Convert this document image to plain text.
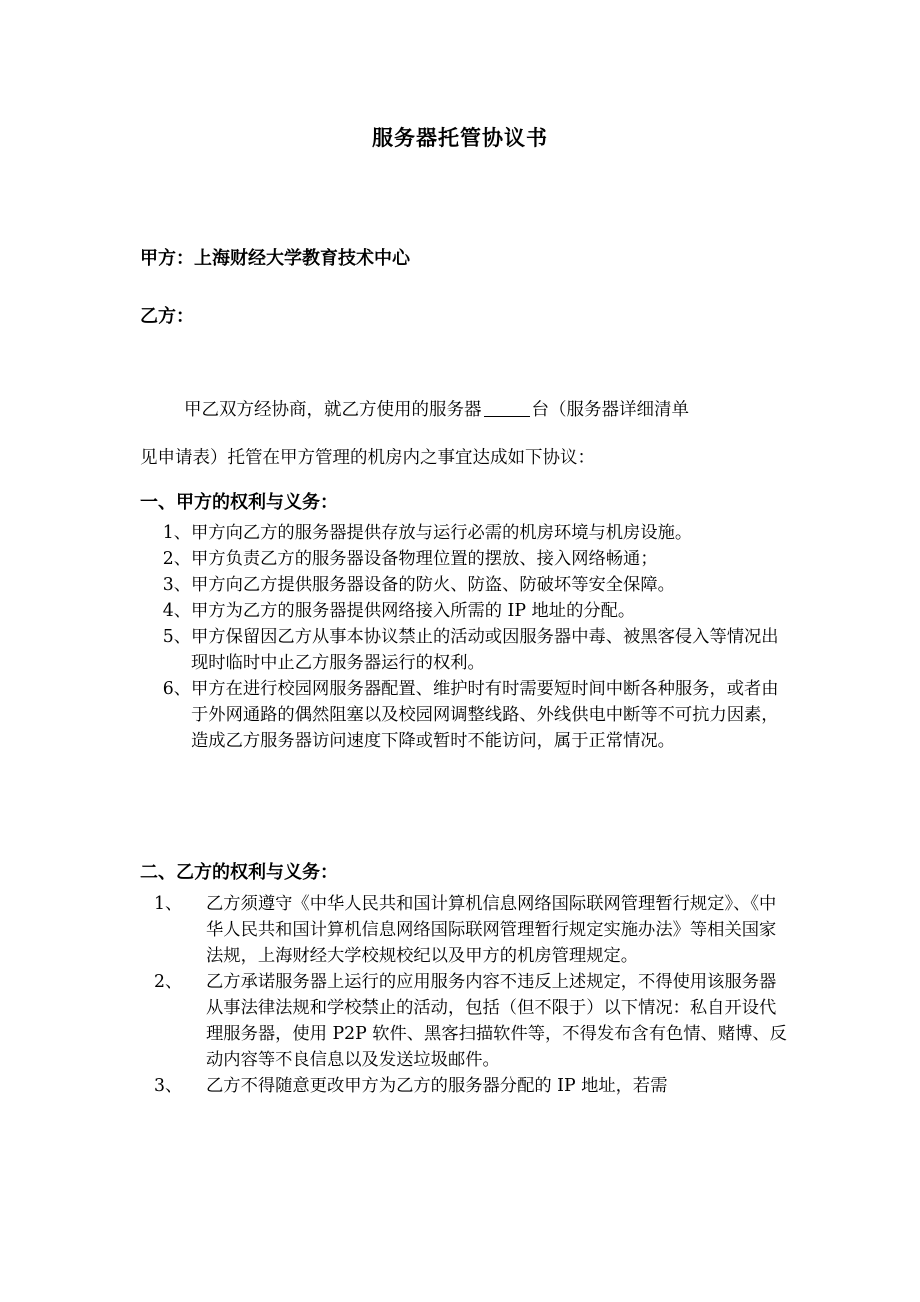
服务器托管协议书
甲方：上海财经大学教育技术中心
乙方：
甲乙双方经协商，就乙方使用的服务器	台（服务器详细清单
见申请表）托管在甲方管理的机房内之事宜达成如下协议：
一、甲方的权利与义务：
1、 甲方向乙方的服务器提供存放与运行必需的机房环境与机房设施。
2、 甲方负责乙方的服务器设备物理位置的摆放、接入网络畅通；
3、 甲方向乙方提供服务器设备的防火、防盗、防破坏等安全保障。
4、 甲方为乙方的服务器提供网络接入所需的 IP 地址的分配。
5、 甲方保留因乙方从事本协议禁止的活动或因服务器中毒、被黑客侵入等情况出现时临时中止乙方服务器运行的权利。
6、 甲方在进行校园网服务器配置、维护时有时需要短时间中断各种服务，或者由于外网通路的偶然阻塞以及校园网调整线路、外线供电中断等不可抗力因素，造成乙方服务器访问速度下降或暂时不能访问，属于正常情况。
二、乙方的权利与义务：
1、	乙方须遵守《中华人民共和国计算机信息网络国际联网管理暂行规定》、《中华人民共和国计算机信息网络国际联网管理暂行规定实施办法》等相关国家法规，上海财经大学校规校纪以及甲方的机房管理规定。
2、	乙方承诺服务器上运行的应用服务内容不违反上述规定，不得使用该服务器从事法律法规和学校禁止的活动，包括（但不限于）以下情况：私自开设代理服务器，使用 P2P 软件、黑客扫描软件等，不得发布含有色情、赌博、反动内容等不良信息以及发送垃圾邮件。
3、	乙方不得随意更改甲方为乙方的服务器分配的 IP 地址，若需
